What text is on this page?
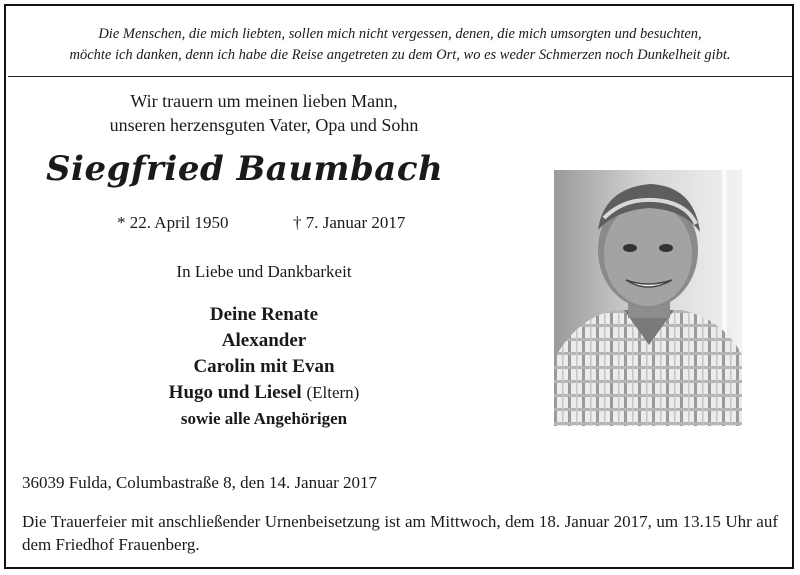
Die Menschen, die mich liebten, sollen mich nicht vergessen, denen, die mich umsorgten und besuchten,
möchte ich danken, denn ich habe die Reise angetreten zu dem Ort, wo es weder Schmerzen noch Dunkelheit gibt.
Wir trauern um meinen lieben Mann,
unseren herzensguten Vater, Opa und Sohn
Siegfried Baumbach
* 22. April 1950	† 7. Januar 2017
In Liebe und Dankbarkeit
Deine Renate
Alexander
Carolin mit Evan
Hugo und Liesel (Eltern)
sowie alle Angehörigen
36039 Fulda, Columbastraße 8, den 14. Januar 2017
Die Trauerfeier mit anschließender Urnenbeisetzung ist am Mittwoch, dem 18. Januar 2017, um 13.15 Uhr auf dem Friedhof Frauenberg.
